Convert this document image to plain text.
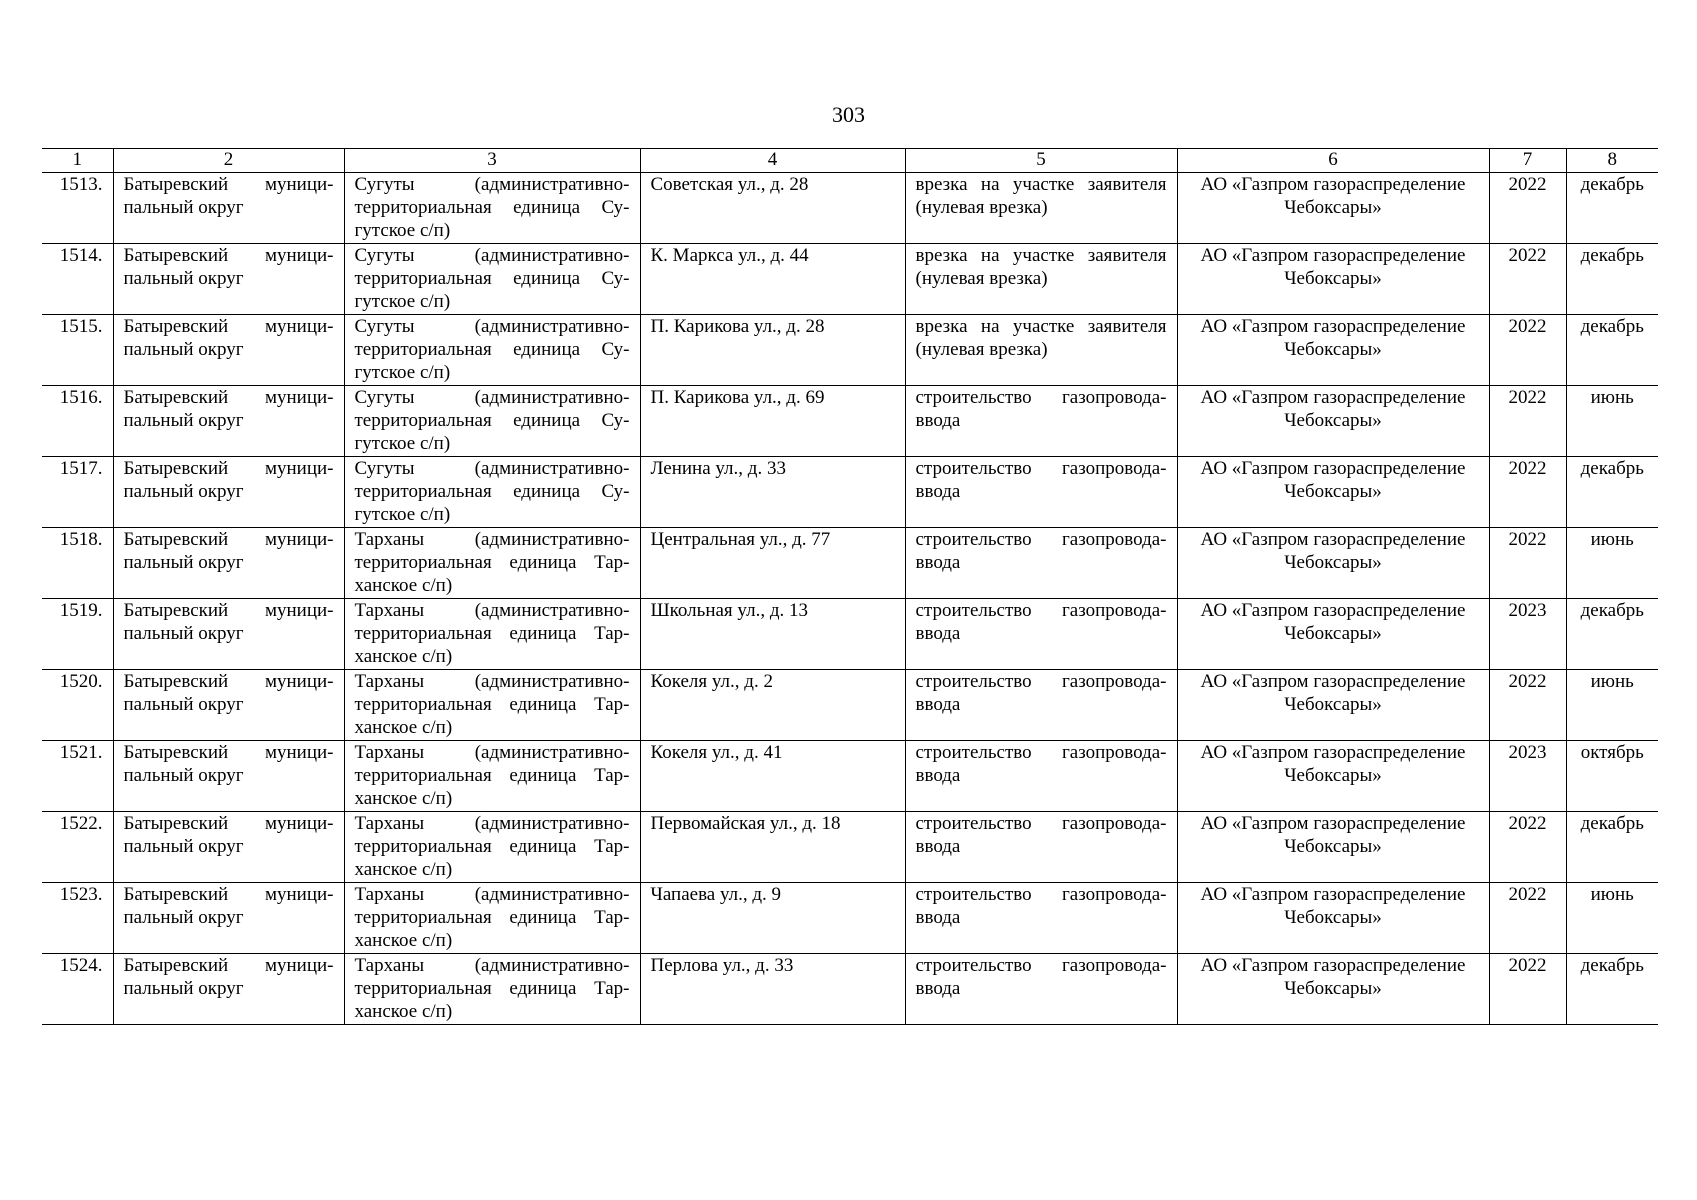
303
1	2	3	4	5	6	7	8
1513.	Батыревский муници-пальный округ	Сугуты (административно-территориальная единица Су-гутское с/п)	Советская ул., д. 28	врезка на участке заявителя (нулевая врезка)	АО «Газпром газораспределение Чебоксары»	2022	декабрь
1514.	Батыревский муници-пальный округ	Сугуты (административно-территориальная единица Су-гутское с/п)	К. Маркса ул., д. 44	врезка на участке заявителя (нулевая врезка)	АО «Газпром газораспределение Чебоксары»	2022	декабрь
1515.	Батыревский муници-пальный округ	Сугуты (административно-территориальная единица Су-гутское с/п)	П. Карикова ул., д. 28	врезка на участке заявителя (нулевая врезка)	АО «Газпром газораспределение Чебоксары»	2022	декабрь
1516.	Батыревский муници-пальный округ	Сугуты (административно-территориальная единица Су-гутское с/п)	П. Карикова ул., д. 69	строительство газопровода-ввода	АО «Газпром газораспределение Чебоксары»	2022	июнь
1517.	Батыревский муници-пальный округ	Сугуты (административно-территориальная единица Су-гутское с/п)	Ленина ул., д. 33	строительство газопровода-ввода	АО «Газпром газораспределение Чебоксары»	2022	декабрь
1518.	Батыревский муници-пальный округ	Тарханы (административно-территориальная единица Тар-ханское с/п)	Центральная ул., д. 77	строительство газопровода-ввода	АО «Газпром газораспределение Чебоксары»	2022	июнь
1519.	Батыревский муници-пальный округ	Тарханы (административно-территориальная единица Тар-ханское с/п)	Школьная ул., д. 13	строительство газопровода-ввода	АО «Газпром газораспределение Чебоксары»	2023	декабрь
1520.	Батыревский муници-пальный округ	Тарханы (административно-территориальная единица Тар-ханское с/п)	Кокеля ул., д. 2	строительство газопровода-ввода	АО «Газпром газораспределение Чебоксары»	2022	июнь
1521.	Батыревский муници-пальный округ	Тарханы (административно-территориальная единица Тар-ханское с/п)	Кокеля ул., д. 41	строительство газопровода-ввода	АО «Газпром газораспределение Чебоксары»	2023	октябрь
1522.	Батыревский муници-пальный округ	Тарханы (административно-территориальная единица Тар-ханское с/п)	Первомайская ул., д. 18	строительство газопровода-ввода	АО «Газпром газораспределение Чебоксары»	2022	декабрь
1523.	Батыревский муници-пальный округ	Тарханы (административно-территориальная единица Тар-ханское с/п)	Чапаева ул., д. 9	строительство газопровода-ввода	АО «Газпром газораспределение Чебоксары»	2022	июнь
1524.	Батыревский муници-пальный округ	Тарханы (административно-территориальная единица Тар-ханское с/п)	Перлова ул., д. 33	строительство газопровода-ввода	АО «Газпром газораспределение Чебоксары»	2022	декабрь
